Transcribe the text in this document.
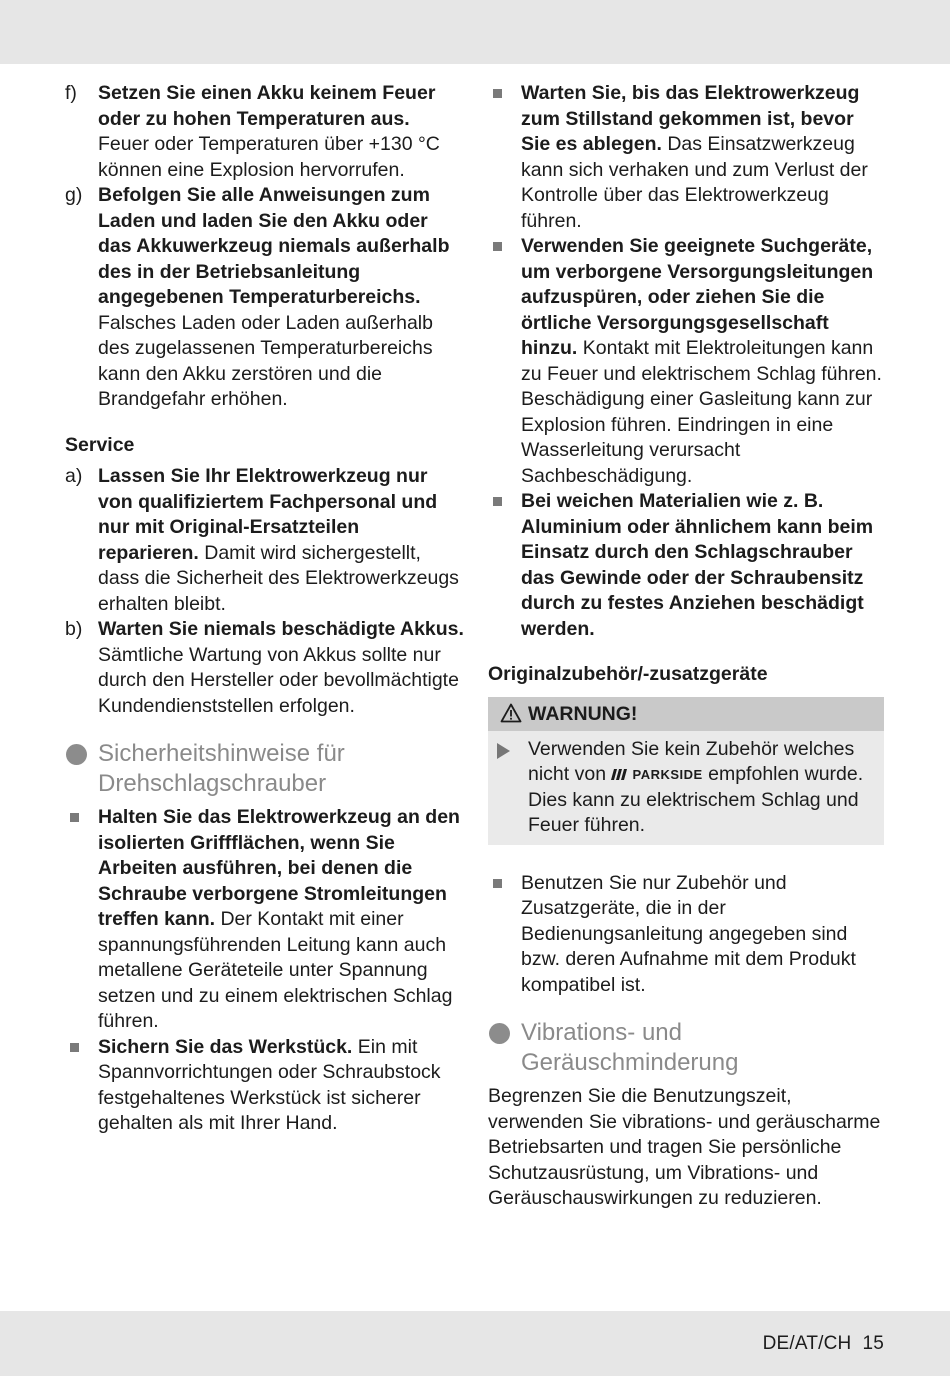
f) Setzen Sie einen Akku keinem Feuer oder zu hohen Temperaturen aus. Feuer oder Temperaturen über +130 °C können eine Explosion hervorrufen.
g) Befolgen Sie alle Anweisungen zum Laden und laden Sie den Akku oder das Akkuwerkzeug niemals außerhalb des in der Betriebsanleitung angegebenen Temperaturbereichs. Falsches Laden oder Laden außerhalb des zugelassenen Temperaturbereichs kann den Akku zerstören und die Brandgefahr erhöhen.

Service

a) Lassen Sie Ihr Elektrowerkzeug nur von qualifiziertem Fachpersonal und nur mit Original-Ersatzteilen reparieren. Damit wird sichergestellt, dass die Sicherheit des Elektrowerkzeugs erhalten bleibt.
b) Warten Sie niemals beschädigte Akkus. Sämtliche Wartung von Akkus sollte nur durch den Hersteller oder bevollmächtigte Kundendienststellen erfolgen.
Sicherheitshinweise für Drehschlagschrauber
Halten Sie das Elektrowerkzeug an den isolierten Griffflächen, wenn Sie Arbeiten ausführen, bei denen die Schraube verborgene Stromleitungen treffen kann. Der Kontakt mit einer spannungsführenden Leitung kann auch metallene Geräteteile unter Spannung setzen und zu einem elektrischen Schlag führen.
Sichern Sie das Werkstück. Ein mit Spannvorrichtungen oder Schraubstock festgehaltenes Werkstück ist sicherer gehalten als mit Ihrer Hand.
Warten Sie, bis das Elektrowerkzeug zum Stillstand gekommen ist, bevor Sie es ablegen. Das Einsatzwerkzeug kann sich verhaken und zum Verlust der Kontrolle über das Elektrowerkzeug führen.
Verwenden Sie geeignete Suchgeräte, um verborgene Versorgungsleitungen aufzuspüren, oder ziehen Sie die örtliche Versorgungsgesellschaft hinzu. Kontakt mit Elektroleitungen kann zu Feuer und elektrischem Schlag führen. Beschädigung einer Gasleitung kann zur Explosion führen. Eindringen in eine Wasserleitung verursacht Sachbeschädigung.
Bei weichen Materialien wie z. B. Aluminium oder ähnlichem kann beim Einsatz durch den Schlagschrauber das Gewinde oder der Schraubensitz durch zu festes Anziehen beschädigt werden.

Originalzubehör/-zusatzgeräte

WARNUNG!
Verwenden Sie kein Zubehör welches nicht von PARKSIDE empfohlen wurde. Dies kann zu elektrischem Schlag und Feuer führen.
Benutzen Sie nur Zubehör und Zusatzgeräte, die in der Bedienungsanleitung angegeben sind bzw. deren Aufnahme mit dem Produkt kompatibel ist.
Vibrations- und Geräuschminderung

Begrenzen Sie die Benutzungszeit, verwenden Sie vibrations- und geräuscharme Betriebsarten und tragen Sie persönliche Schutzausrüstung, um Vibrations- und Geräuschauswirkungen zu reduzieren.

DE/AT/CH 15
